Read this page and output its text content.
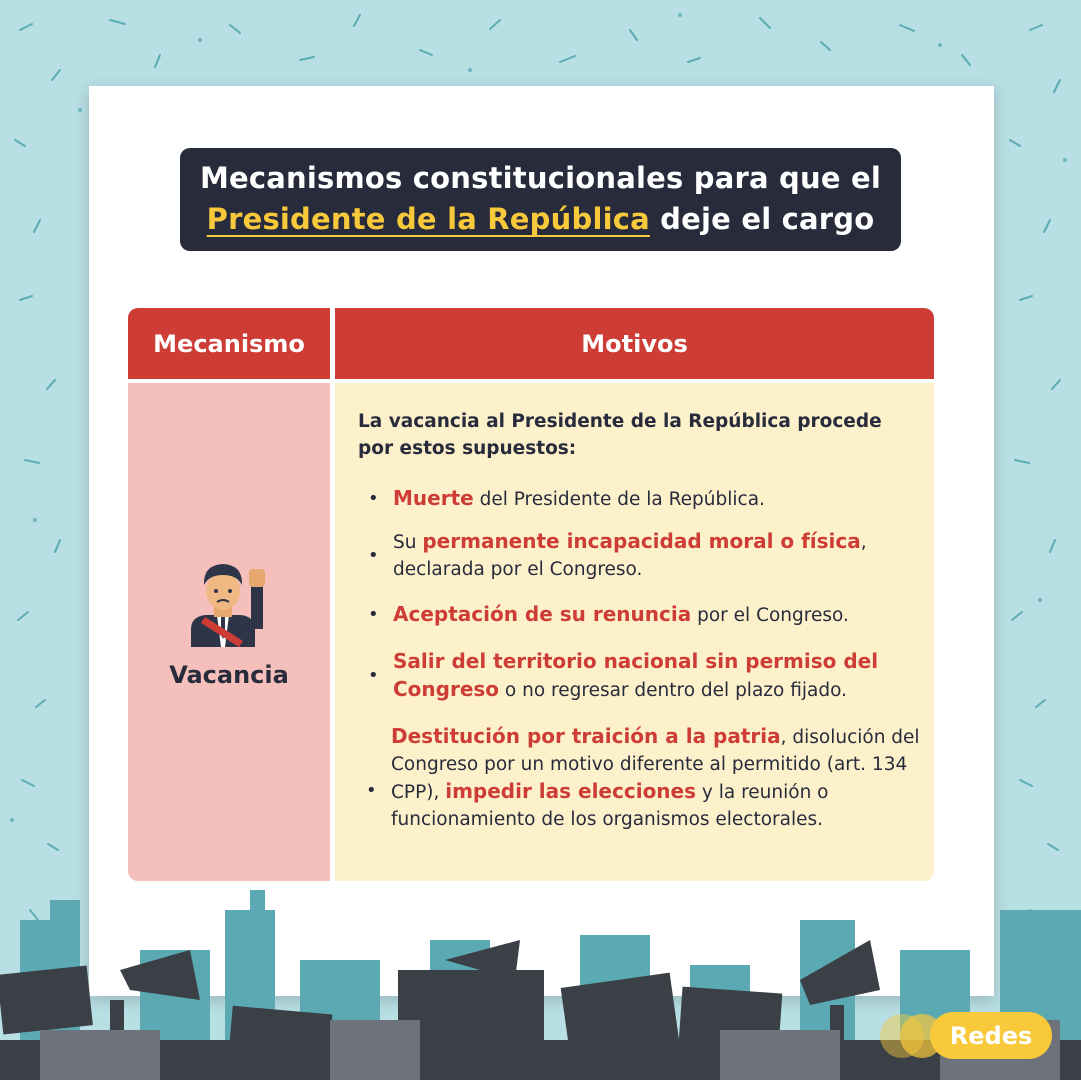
Mecanismos constitucionales para que el
Presidente de la República deje el cargo
Mecanismo	Motivos
Vacancia
La vacancia al Presidente de la República procede por estos supuestos:
• Muerte del Presidente de la República.
•
Su permanente incapacidad moral o física, declarada por el Congreso.
• Aceptación de su renuncia por el Congreso.
•
Salir del territorio nacional sin permiso del Congreso o no regresar dentro del plazo fijado.
•
Destitución por traición a la patria, disolución del Congreso por un motivo diferente al permitido (art. 134 CPP), impedir las elecciones y la reunión o funcionamiento de los organismos electorales.
Redes
